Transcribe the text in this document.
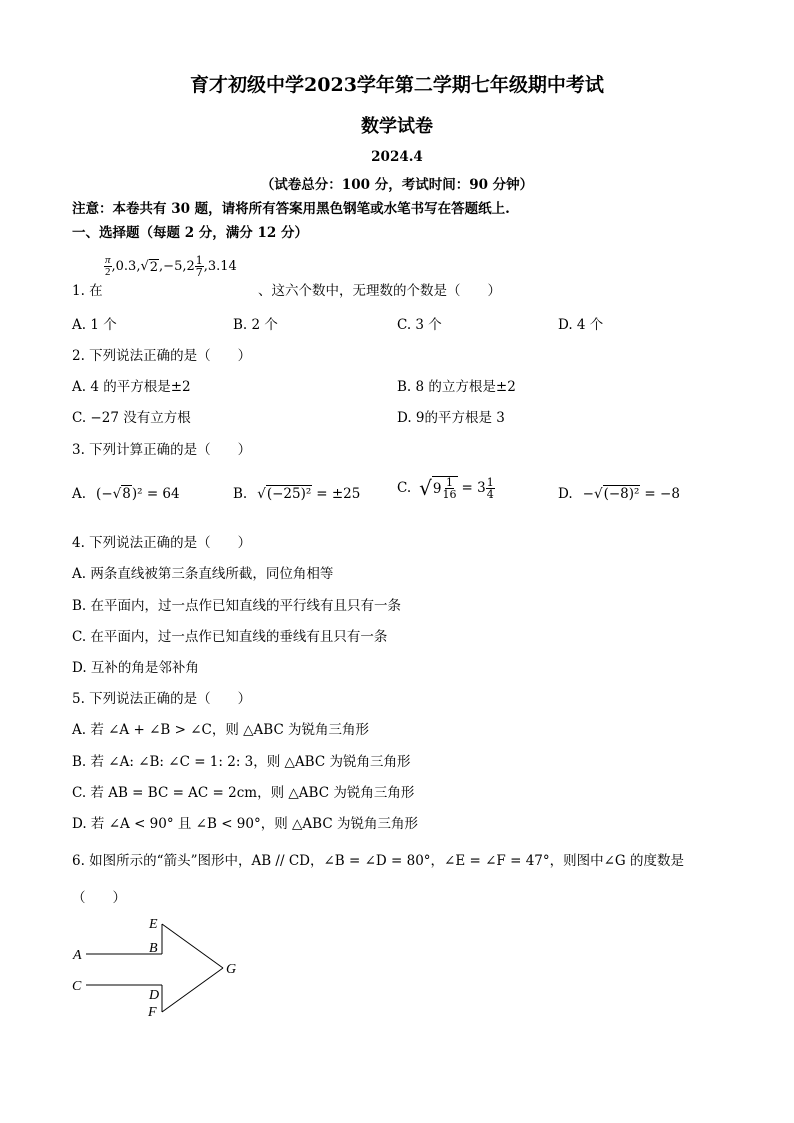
育才初级中学2023学年第二学期七年级期中考试
数学试卷
2024.4
（试卷总分：100 分，考试时间：90 分钟）
注意：本卷共有 30 题，请将所有答案用黑色钢笔或水笔书写在答题纸上.
一、选择题（每题 2 分，满分 12 分）
1. 在
$\frac{\pi}{2} ,0.3$, √ 2 $,-5,2 \frac{1}{7} ,3.14$
、这六个数中，无理数的个数是（　　）
A. 1 个	B. 2 个	C. 3 个	D. 4 个
2. 下列说法正确的是（　　）
A. 4 的平方根是±2	B. 8 的立方根是±2
C. −27 没有立方根	D. 9的平方根是 3
3. 下列计算正确的是（　　）
A. (− √ 8 )² = 64	B. √ (−25)² = ±25	C. √ $9 \frac{1}{16} = 3 \frac{1}{4}$	D. − √ (−8)² = −8
4. 下列说法正确的是（　　）
A. 两条直线被第三条直线所截，同位角相等
B. 在平面内，过一点作已知直线的平行线有且只有一条
C. 在平面内，过一点作已知直线的垂线有且只有一条
D. 互补的角是邻补角
5. 下列说法正确的是（　　）
A. 若 ∠A + ∠B > ∠C，则 △ABC 为锐角三角形
B. 若 ∠A: ∠B: ∠C = 1: 2: 3，则 △ABC 为锐角三角形
C. 若 AB = BC = AC = 2cm，则 △ABC 为锐角三角形
D. 若 ∠A < 90° 且 ∠B < 90°，则 △ABC 为锐角三角形
6. 如图所示的“箭头”图形中，AB // CD，∠B = ∠D = 80°，∠E = ∠F = 47°，则图中∠G 的度数是
（　　）
E
B
A
C
D
F
G
